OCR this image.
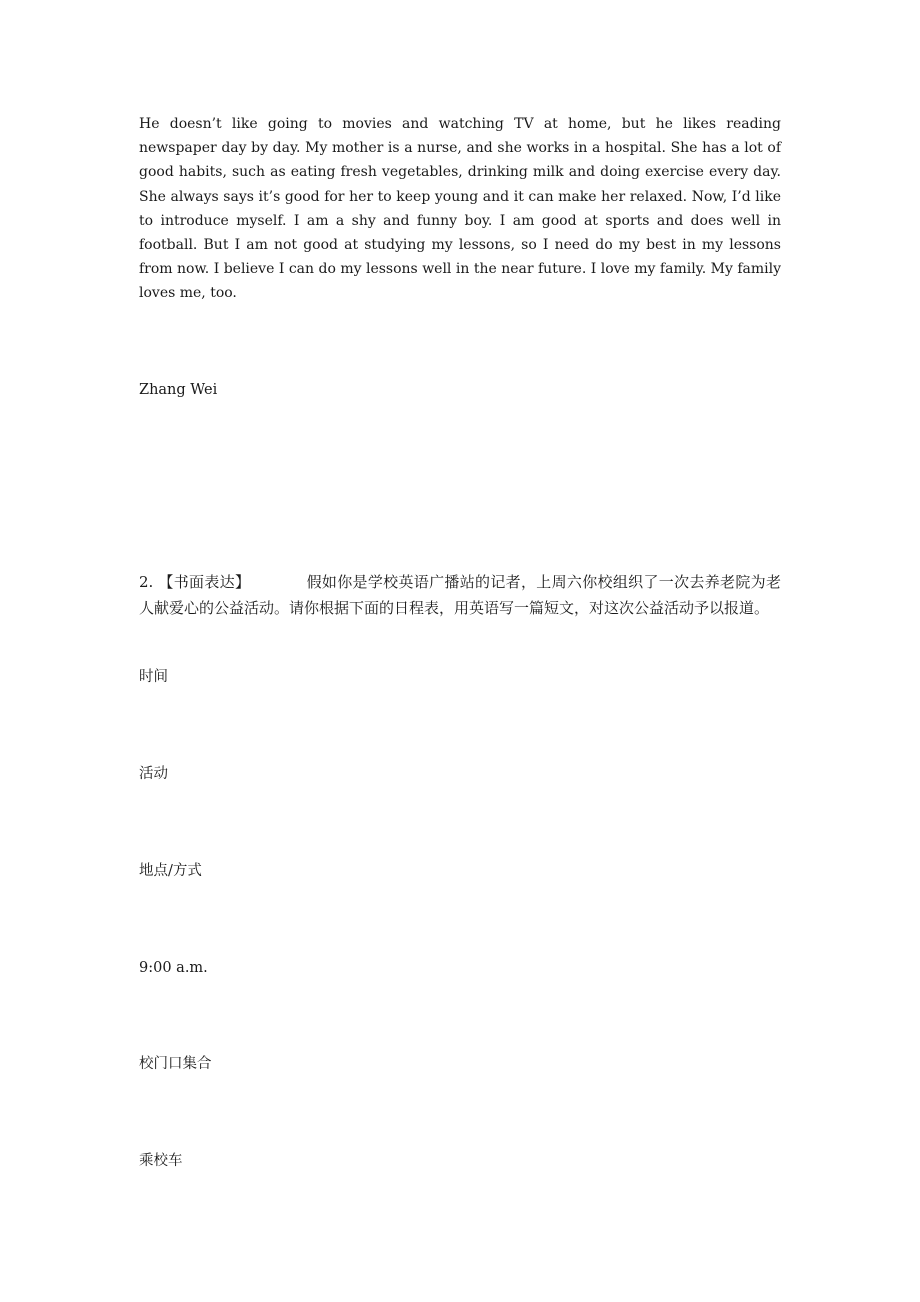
He doesn’t like going to movies and watching TV at home, but he likes reading newspaper day by day. My mother is a nurse, and she works in a hospital. She has a lot of good habits, such as eating fresh vegetables, drinking milk and doing exercise every day. She always says it’s good for her to keep young and it can make her relaxed. Now, I’d like to introduce myself. I am a shy and funny boy. I am good at sports and does well in football. But I am not good at studying my lessons, so I need do my best in my lessons from now. I believe I can do my lessons well in the near future. I love my family. My family loves me, too.

Zhang Wei

2. 【书面表达】	假如你是学校英语广播站的记者，上周六你校组织了一次去养老院为老人献爱心的公益活动。请你根据下面的日程表，用英语写一篇短文，对这次公益活动予以报道。

时间

活动

地点/方式

9:00 a.m.

校门口集合

乘校车
